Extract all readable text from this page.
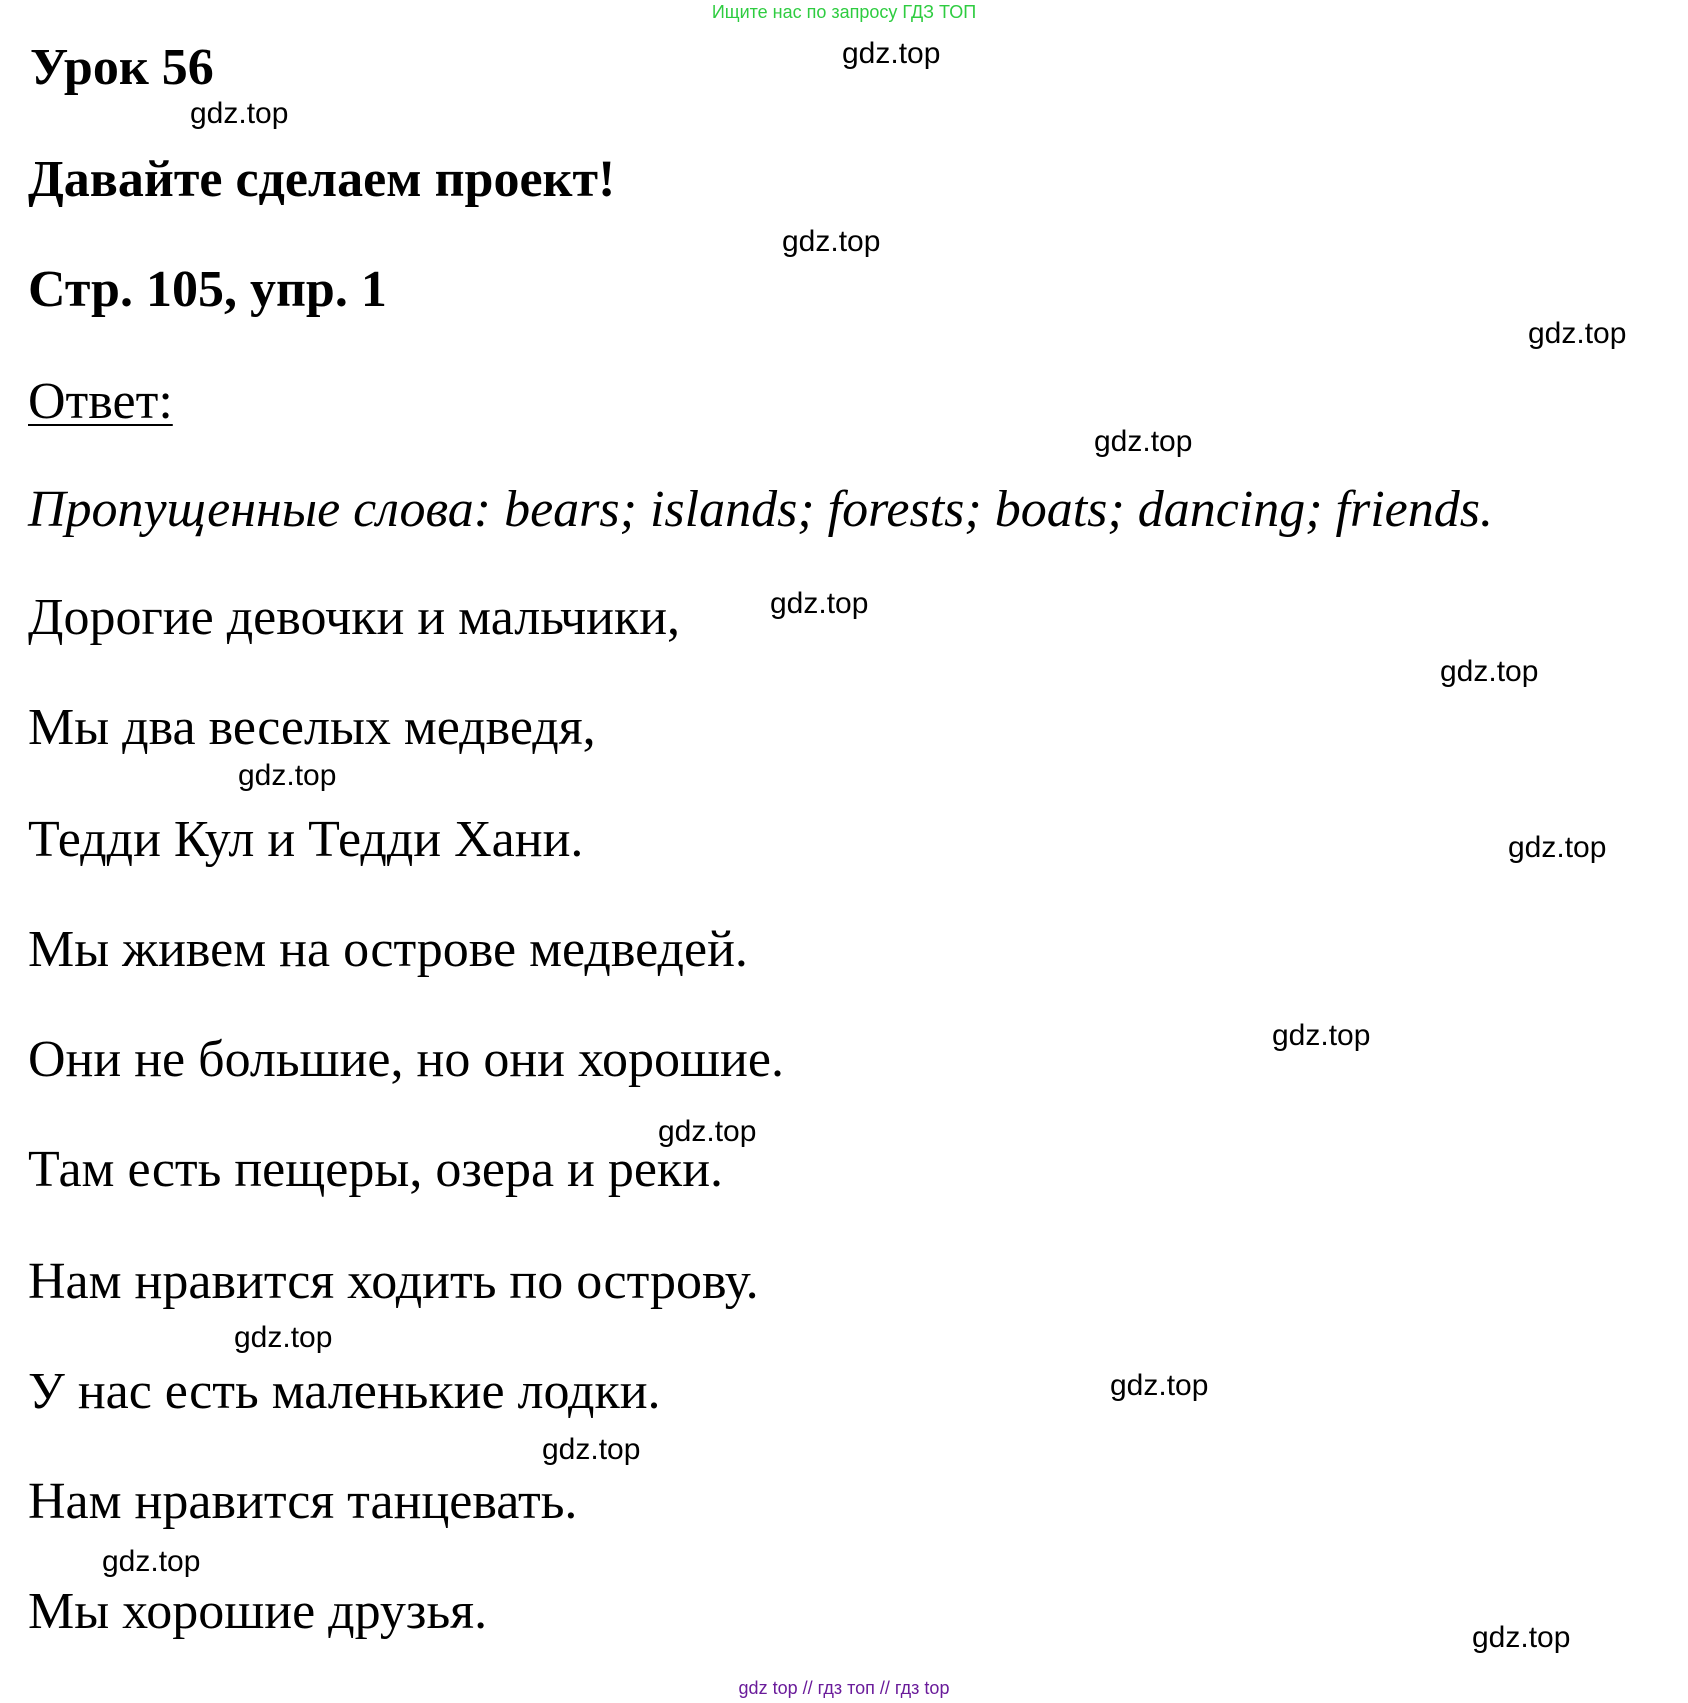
Ищите нас по запросу ГДЗ ТОП
Урок 56
Давайте сделаем проект!
Стр. 105, упр. 1
Ответ:
Пропущенные слова: bears; islands; forests; boats; dancing; friends.
Дорогие девочки и мальчики,
Мы два веселых медведя,
Тедди Кул и Тедди Хани.
Мы живем на острове медведей.
Они не большие, но они хорошие.
Там есть пещеры, озера и реки.
Нам нравится ходить по острову.
У нас есть маленькие лодки.
Нам нравится танцевать.
Мы хорошие друзья.
gdz.top
gdz.top
gdz.top
gdz.top
gdz.top
gdz.top
gdz.top
gdz.top
gdz.top
gdz.top
gdz.top
gdz.top
gdz.top
gdz.top
gdz.top
gdz.top
gdz top // гдз топ // гдз top
